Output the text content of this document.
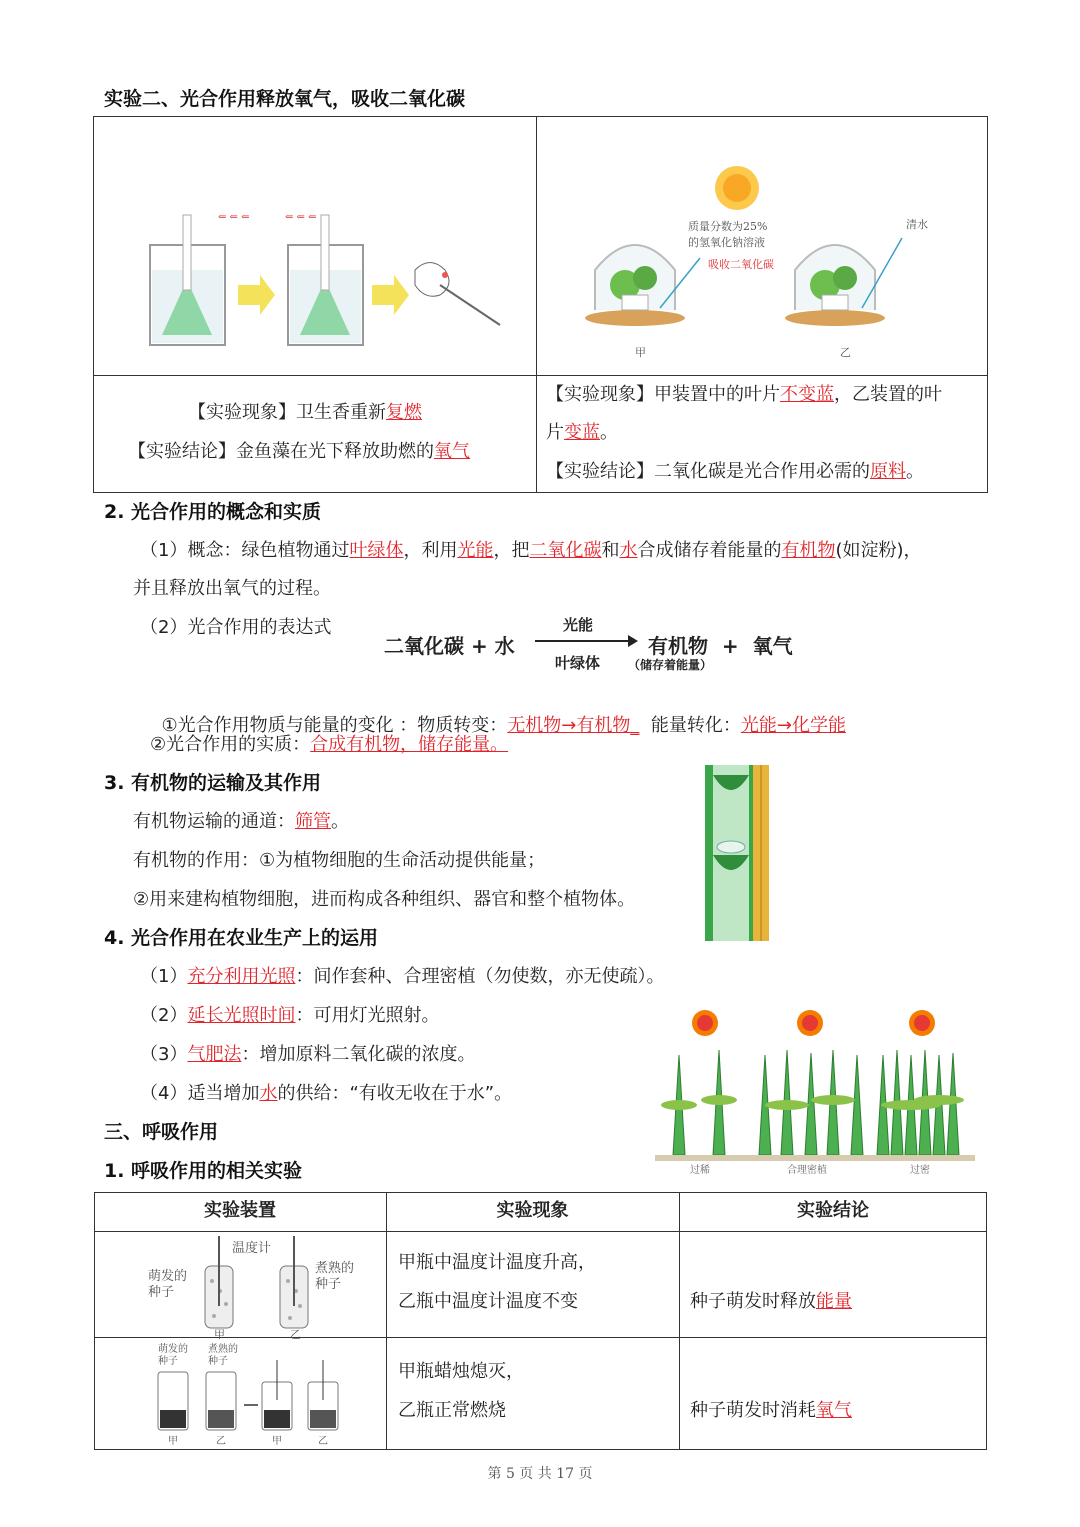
实验二、光合作用释放氧气，吸收二氧化碳
⇐ ⇐ ⇐	⇐ ⇐ ⇐
质量分数为25%
的氢氧化钠溶液
吸收二氧化碳
清水
甲	乙
【实验现象】卫生香重新复燃
【实验结论】金鱼藻在光下释放助燃的氧气
【实验现象】甲装置中的叶片不变蓝，乙装置的叶
片变蓝。
【实验结论】二氧化碳是光合作用必需的原料。
2. 光合作用的概念和实质
（1）概念：绿色植物通过叶绿体，利用光能，把二氧化碳和水合成储存着能量的有机物(如淀粉)，
并且释放出氧气的过程。
（2）光合作用的表达式
二氧化碳 + 水
光能
叶绿体
有机物  +  氧气
（储存着能量）

①光合作用物质与能量的变化 ：物质转变：无机物→有机物_  能量转化：光能→化学能

②光合作用的实质：合成有机物，储存能量。
3. 有机物的运输及其作用
有机物运输的通道：筛管。
有机物的作用：①为植物细胞的生命活动提供能量；
②用来建构植物细胞，进而构成各种组织、器官和整个植物体。
4. 光合作用在农业生产上的运用
（1）充分利用光照：间作套种、合理密植（勿使数，亦无使疏）。
（2）延长光照时间：可用灯光照射。
（3）气肥法：增加原料二氧化碳的浓度。
（4）适当增加水的供给：“有收无收在于水”。
过稀	合理密植	过密
三、呼吸作用
1. 呼吸作用的相关实验
实验装置	实验现象	实验结论
温度计
萌发的
种子
煮熟的
种子
甲	乙
甲瓶中温度计温度升高，
乙瓶中温度计温度不变	种子萌发时释放能量
萌发的
种子
煮熟的
种子
甲	乙	甲	乙
甲瓶蜡烛熄灭，
乙瓶正常燃烧	种子萌发时消耗氧气
第 5 页 共 17 页
